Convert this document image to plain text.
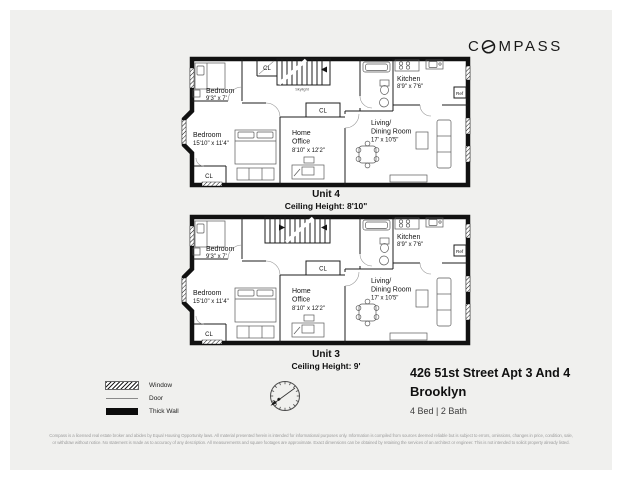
C MPASS
CL
Bedroom
9'3" x 7'
Bedroom
15'10" x 11'4"
Home
Office
8'10" x 12'2"
Living/
Dining Room
17' x 10'5"
Kitchen
8'9" x 7'6"
Ref
CL
CL
Skylight
Unit 4
Ceiling Height: 8'10"
Bedroom
9'3" x 7'
Bedroom
15'10" x 11'4"
Home
Office
8'10" x 12'2"
Living/
Dining Room
17' x 10'5"
Kitchen
8'9" x 7'6"
Ref
CL
CL
Unit 3
Ceiling Height: 9'
Window
Door
Thick Wall
426 51st Street Apt 3 And 4
Brooklyn
4 Bed | 2 Bath
Compass is a licensed real estate broker and abides by Equal Housing Opportunity laws. All material presented herein is intended for informational purposes only. Information is compiled from sources deemed reliable but is subject to errors, omissions, changes in price, condition, sale,
or withdraw without notice. No statement is made as to accuracy of any description. All measurements and square footages are approximate. Exact dimensions can be obtained by retaining the services of an architect or engineer. This is not intended to solicit property already listed.
